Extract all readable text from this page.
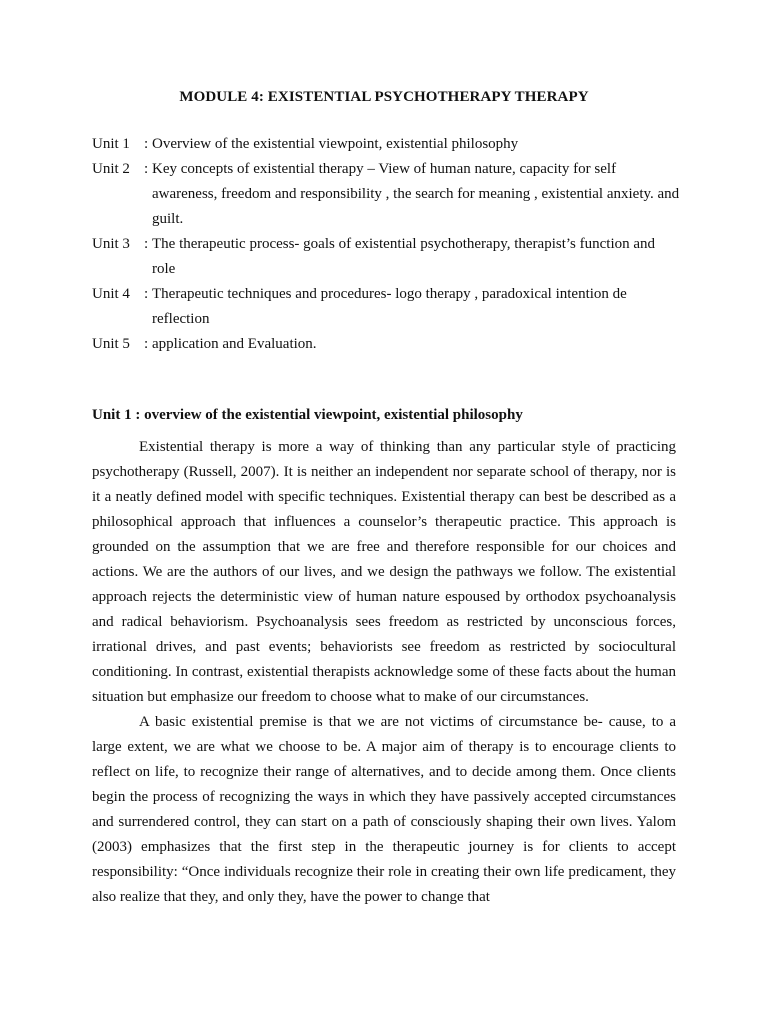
MODULE 4: EXISTENTIAL PSYCHOTHERAPY THERAPY
Unit 1 : Overview of the existential viewpoint, existential philosophy
Unit 2 : Key concepts of existential therapy – View of human nature, capacity for self awareness, freedom and responsibility , the search for meaning , existential anxiety. and guilt.
Unit 3 : The therapeutic process- goals of existential psychotherapy, therapist’s function and role
Unit 4 : Therapeutic techniques and procedures- logo therapy , paradoxical intention de reflection
Unit 5 : application and Evaluation.
Unit 1 : overview of the existential viewpoint, existential philosophy

Existential therapy is more a way of thinking than any particular style of practicing psychotherapy (Russell, 2007). It is neither an independent nor separate school of therapy, nor is it a neatly defined model with specific techniques. Existential therapy can best be described as a philosophical approach that influences a counselor’s therapeutic practice. This approach is grounded on the assumption that we are free and therefore responsible for our choices and actions. We are the authors of our lives, and we design the pathways we follow. The existential approach rejects the deterministic view of human nature espoused by orthodox psychoanalysis and radical behaviorism. Psychoanalysis sees freedom as restricted by unconscious forces, irrational drives, and past events; behaviorists see freedom as restricted by sociocultural conditioning. In contrast, existential therapists acknowledge some of these facts about the human situation but emphasize our freedom to choose what to make of our circumstances.

A basic existential premise is that we are not victims of circumstance be- cause, to a large extent, we are what we choose to be. A major aim of therapy is to encourage clients to reflect on life, to recognize their range of alternatives, and to decide among them. Once clients begin the process of recognizing the ways in which they have passively accepted circumstances and surrendered control, they can start on a path of consciously shaping their own lives. Yalom (2003) emphasizes that the first step in the therapeutic journey is for clients to accept responsibility: “Once individuals recognize their role in creating their own life predicament, they also realize that they, and only they, have the power to change that
